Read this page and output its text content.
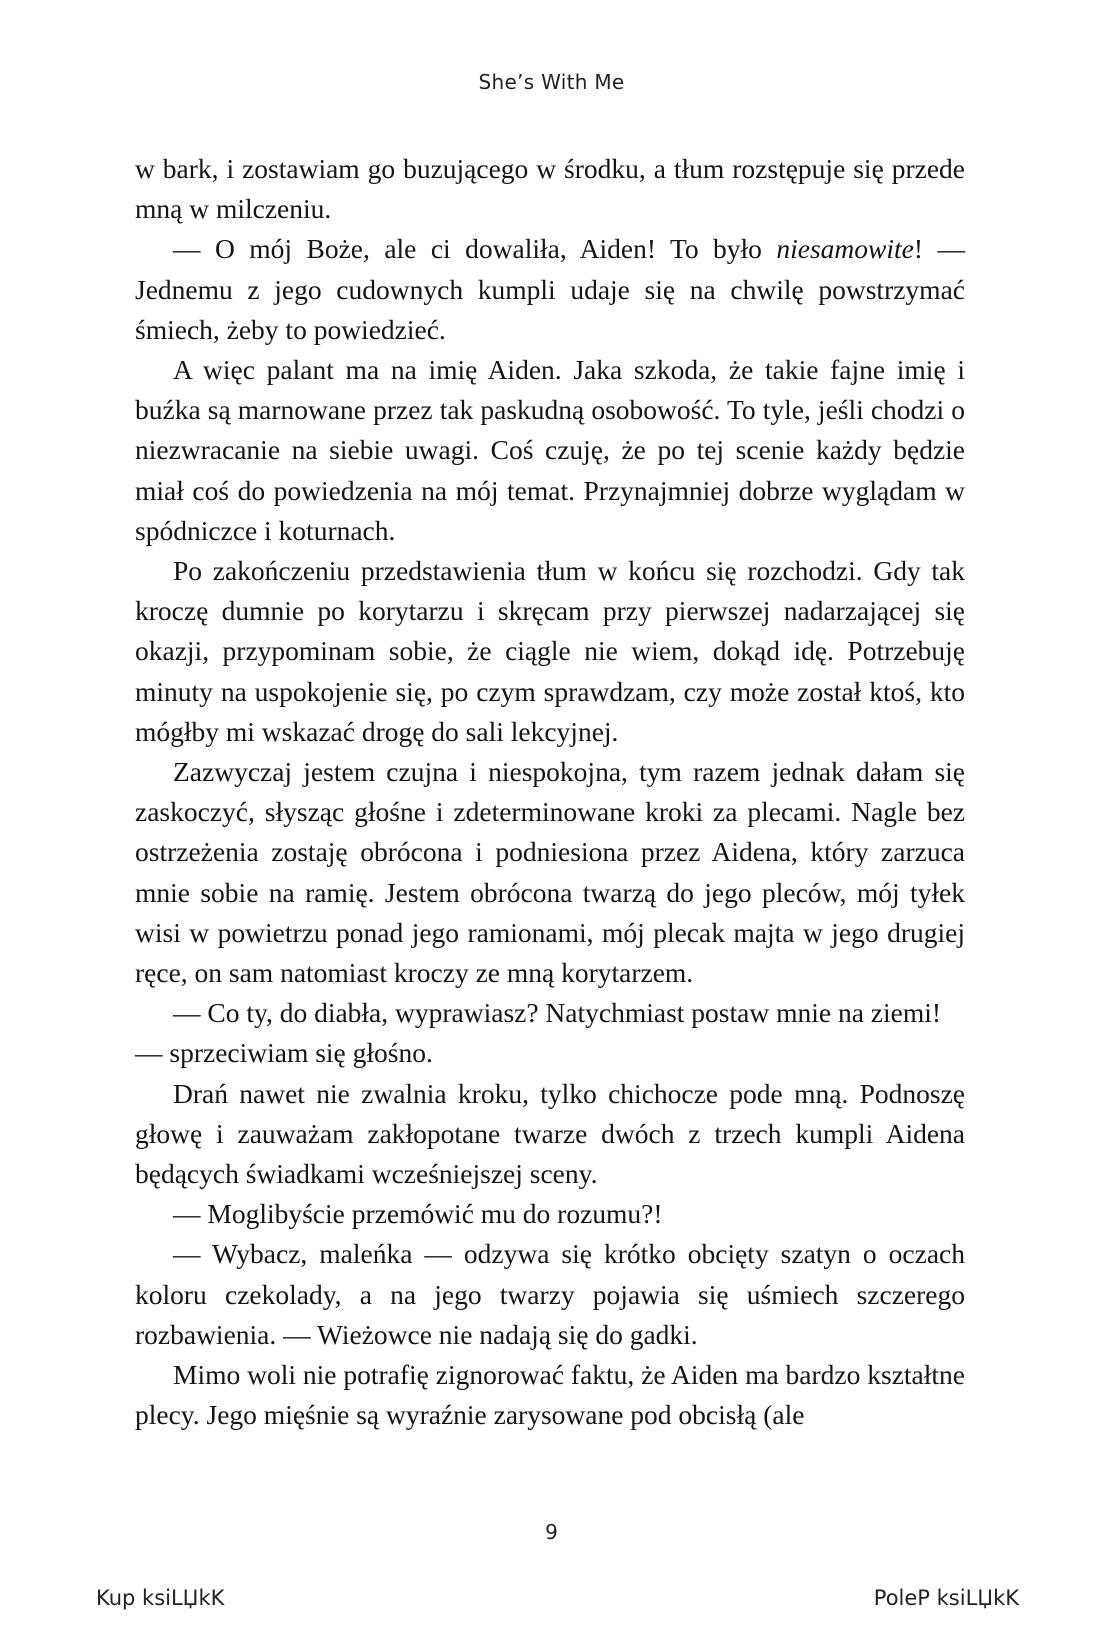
She’s With Me

w bark, i zostawiam go buzującego w środku, a tłum rozstępuje się przede mną w milczeniu.

— O mój Boże, ale ci dowaliła, Aiden! To było niesamowite! — Jednemu z jego cudownych kumpli udaje się na chwilę powstrzymać śmiech, żeby to powiedzieć.

A więc palant ma na imię Aiden. Jaka szkoda, że takie fajne imię i buźka są marnowane przez tak paskudną osobowość. To tyle, jeśli chodzi o niezwracanie na siebie uwagi. Coś czuję, że po tej scenie każdy będzie miał coś do powiedzenia na mój temat. Przynajmniej dobrze wyglądam w spódniczce i koturnach.

Po zakończeniu przedstawienia tłum w końcu się rozchodzi. Gdy tak kroczę dumnie po korytarzu i skręcam przy pierwszej nadarzającej się okazji, przypominam sobie, że ciągle nie wiem, dokąd idę. Potrzebuję minuty na uspokojenie się, po czym sprawdzam, czy może został ktoś, kto mógłby mi wskazać drogę do sali lekcyjnej.

Zazwyczaj jestem czujna i niespokojna, tym razem jednak dałam się zaskoczyć, słysząc głośne i zdeterminowane kroki za plecami. Nagle bez ostrzeżenia zostaję obrócona i podniesiona przez Aidena, który zarzuca mnie sobie na ramię. Jestem obrócona twarzą do jego pleców, mój tyłek wisi w powietrzu ponad jego ramionami, mój plecak majta w jego drugiej ręce, on sam natomiast kroczy ze mną korytarzem.

— Co ty, do diabła, wyprawiasz? Natychmiast postaw mnie na ziemi!

— sprzeciwiam się głośno.

Drań nawet nie zwalnia kroku, tylko chichocze pode mną. Podnoszę głowę i zauważam zakłopotane twarze dwóch z trzech kumpli Aidena będących świadkami wcześniejszej sceny.

— Moglibyście przemówić mu do rozumu?!

— Wybacz, maleńka — odzywa się krótko obcięty szatyn o oczach koloru czekolady, a na jego twarzy pojawia się uśmiech szczerego rozbawienia. — Wieżowce nie nadają się do gadki.

Mimo woli nie potrafię zignorować faktu, że Aiden ma bardzo kształtne plecy. Jego mięśnie są wyraźnie zarysowane pod obcisłą (ale

9
Kup ksiLЏkK	PoleP ksiLЏkK
